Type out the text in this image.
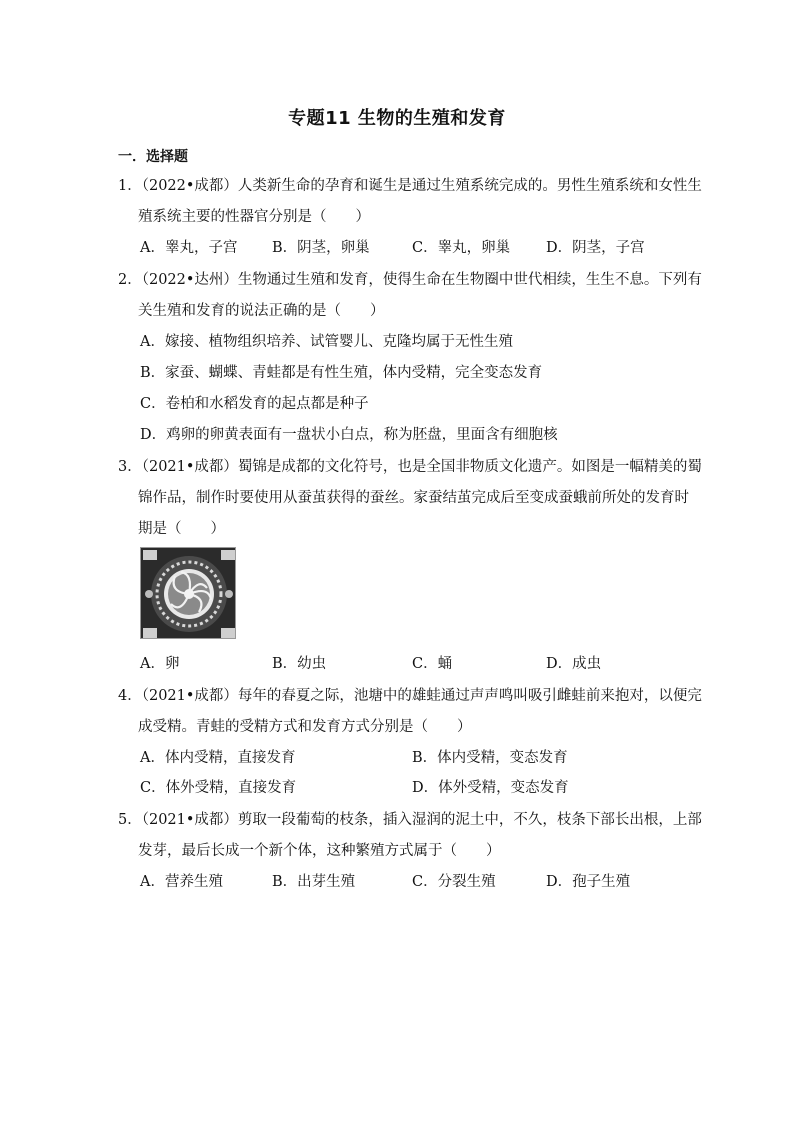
专题11 生物的生殖和发育
一．选择题
1．（2022•成都）人类新生命的孕育和诞生是通过生殖系统完成的。男性生殖系统和女性生
殖系统主要的性器官分别是（　　）
A．睾丸，子宫 B．阴茎，卵巢	C．睾丸，卵巢 D．阴茎，子宫
2．（2022•达州）生物通过生殖和发育，使得生命在生物圈中世代相续，生生不息。下列有
关生殖和发育的说法正确的是（　　）
A．嫁接、植物组织培养、试管婴儿、克隆均属于无性生殖
B．家蚕、蝴蝶、青蛙都是有性生殖，体内受精，完全变态发育
C．卷柏和水稻发育的起点都是种子
D．鸡卵的卵黄表面有一盘状小白点，称为胚盘，里面含有细胞核
3．（2021•成都）蜀锦是成都的文化符号，也是全国非物质文化遗产。如图是一幅精美的蜀
锦作品，制作时要使用从蚕茧获得的蚕丝。家蚕结茧完成后至变成蚕蛾前所处的发育时
期是（　　）
A．卵	B．幼虫	C．蛹	D．成虫
4．（2021•成都）每年的春夏之际，池塘中的雄蛙通过声声鸣叫吸引雌蛙前来抱对，以便完
成受精。青蛙的受精方式和发育方式分别是（　　）
A．体内受精，直接发育	B．体内受精，变态发育
C．体外受精，直接发育	D．体外受精，变态发育
5．（2021•成都）剪取一段葡萄的枝条，插入湿润的泥土中，不久，枝条下部长出根，上部
发芽，最后长成一个新个体，这种繁殖方式属于（　　）
A．营养生殖	B．出芽生殖	C．分裂生殖	D．孢子生殖
